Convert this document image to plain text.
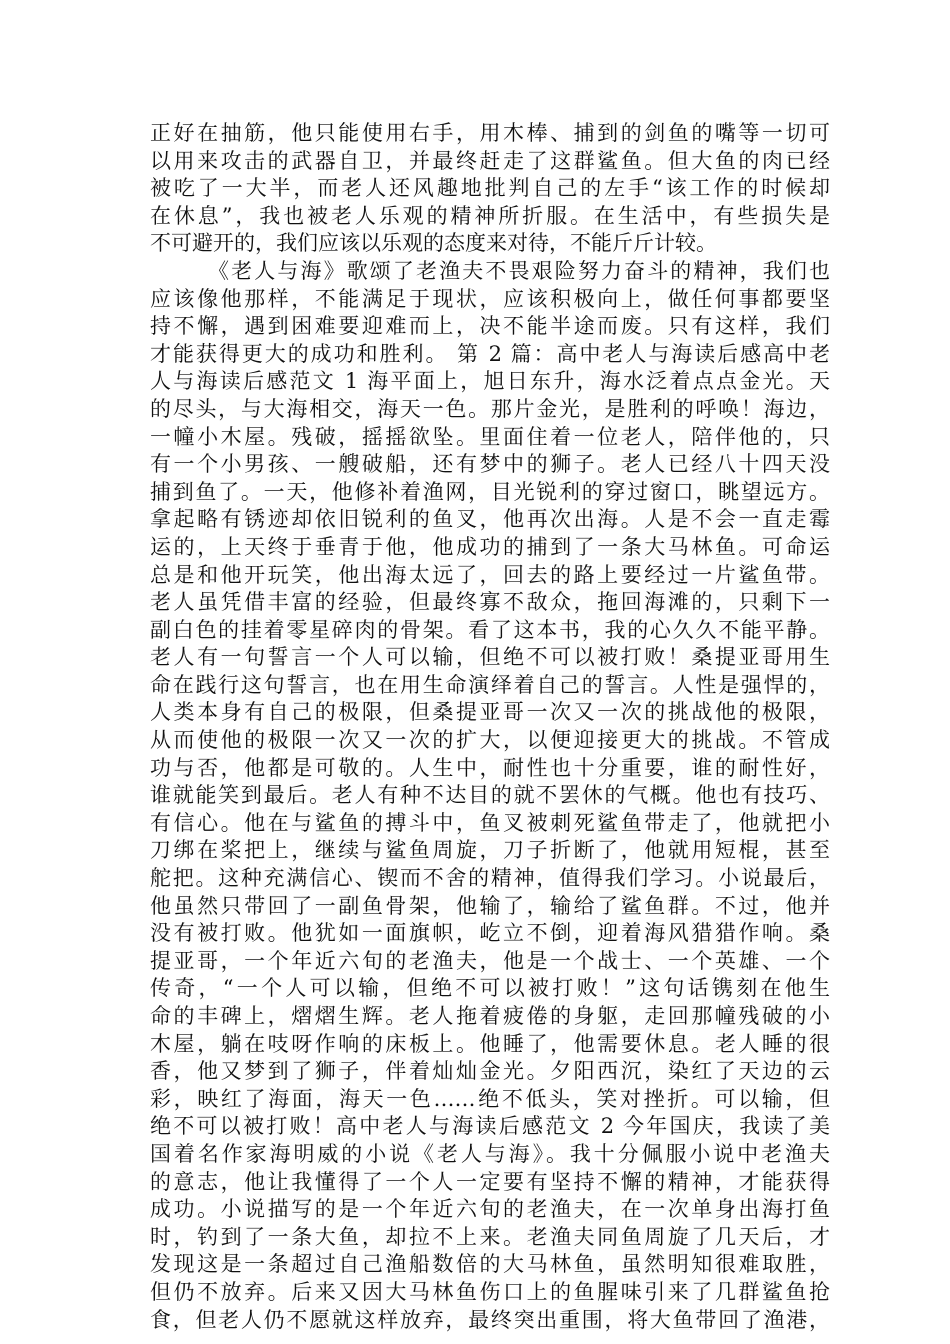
正好在抽筋，他只能使用右手，用木棒、捕到的剑鱼的嘴等一切可
以用来攻击的武器自卫，并最终赶走了这群鲨鱼。但大鱼的肉已经
被吃了一大半，而老人还风趣地批判自己的左手“该工作的时候却
在休息”，我也被老人乐观的精神所折服。在生活中，有些损失是
不可避开的，我们应该以乐观的态度来对待，不能斤斤计较。
《老人与海》歌颂了老渔夫不畏艰险努力奋斗的精神，我们也
应该像他那样，不能满足于现状，应该积极向上，做任何事都要坚
持不懈，遇到困难要迎难而上，决不能半途而废。只有这样，我们
才能获得更大的成功和胜利。 第 2 篇：高中老人与海读后感高中老
人与海读后感范文 1 海平面上，旭日东升，海水泛着点点金光。天
的尽头，与大海相交，海天一色。那片金光，是胜利的呼唤！海边，
一幢小木屋。残破，摇摇欲坠。里面住着一位老人，陪伴他的，只
有一个小男孩、一艘破船，还有梦中的狮子。老人已经八十四天没
捕到鱼了。一天，他修补着渔网，目光锐利的穿过窗口，眺望远方。
拿起略有锈迹却依旧锐利的鱼叉，他再次出海。人是不会一直走霉
运的，上天终于垂青于他，他成功的捕到了一条大马林鱼。可命运
总是和他开玩笑，他出海太远了，回去的路上要经过一片鲨鱼带。
老人虽凭借丰富的经验，但最终寡不敌众，拖回海滩的，只剩下一
副白色的挂着零星碎肉的骨架。看了这本书，我的心久久不能平静。
老人有一句誓言一个人可以输，但绝不可以被打败！桑提亚哥用生
命在践行这句誓言，也在用生命演绎着自己的誓言。人性是强悍的，
人类本身有自己的极限，但桑提亚哥一次又一次的挑战他的极限，
从而使他的极限一次又一次的扩大，以便迎接更大的挑战。不管成
功与否，他都是可敬的。人生中，耐性也十分重要，谁的耐性好，
谁就能笑到最后。老人有种不达目的就不罢休的气概。他也有技巧、
有信心。他在与鲨鱼的搏斗中，鱼叉被刺死鲨鱼带走了，他就把小
刀绑在桨把上，继续与鲨鱼周旋，刀子折断了，他就用短棍，甚至
舵把。这种充满信心、锲而不舍的精神，值得我们学习。小说最后，
他虽然只带回了一副鱼骨架，他输了，输给了鲨鱼群。不过，他并
没有被打败。他犹如一面旗帜，屹立不倒，迎着海风猎猎作响。桑
提亚哥，一个年近六旬的老渔夫，他是一个战士、一个英雄、一个
传奇，“一个人可以输，但绝不可以被打败！”这句话镌刻在他生
命的丰碑上，熠熠生辉。老人拖着疲倦的身躯，走回那幢残破的小
木屋，躺在吱呀作响的床板上。他睡了，他需要休息。老人睡的很
香，他又梦到了狮子，伴着灿灿金光。夕阳西沉，染红了天边的云
彩，映红了海面，海天一色……绝不低头，笑对挫折。可以输，但
绝不可以被打败！高中老人与海读后感范文 2 今年国庆，我读了美
国着名作家海明威的小说《老人与海》。我十分佩服小说中老渔夫
的意志，他让我懂得了一个人一定要有坚持不懈的精神，才能获得
成功。小说描写的是一个年近六旬的老渔夫，在一次单身出海打鱼
时，钓到了一条大鱼，却拉不上来。老渔夫同鱼周旋了几天后，才
发现这是一条超过自己渔船数倍的大马林鱼，虽然明知很难取胜，
但仍不放弃。后来又因大马林鱼伤口上的鱼腥味引来了几群鲨鱼抢
食，但老人仍不愿就这样放弃，最终突出重围，将大鱼带回了渔港，
